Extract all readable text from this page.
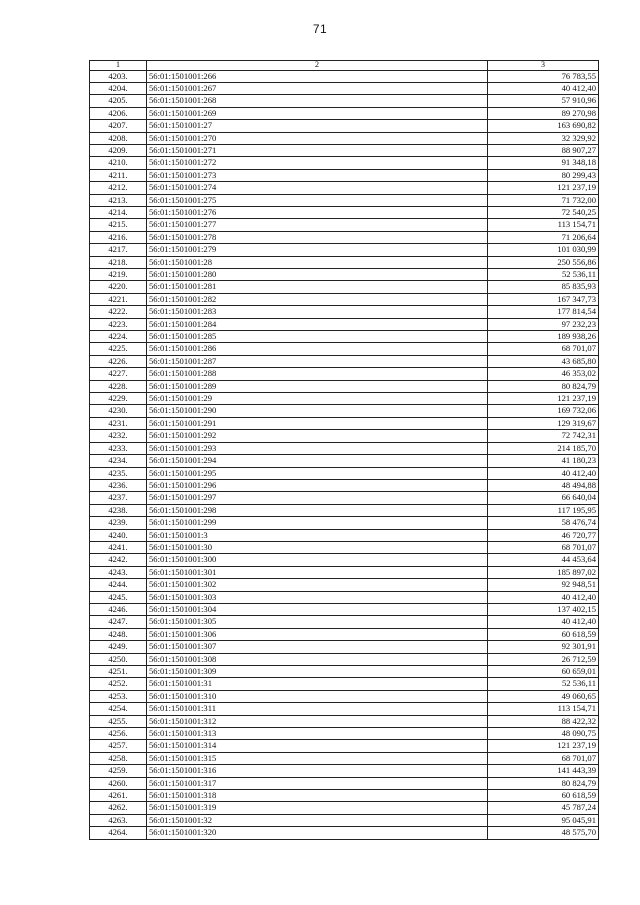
71
1	2	3
4203.	56:01:1501001:266	76 783,55
4204.	56:01:1501001:267	40 412,40
4205.	56:01:1501001:268	57 910,96
4206.	56:01:1501001:269	89 270,98
4207.	56:01:1501001:27	163 690,82
4208.	56:01:1501001:270	32 329,92
4209.	56:01:1501001:271	88 907,27
4210.	56:01:1501001:272	91 348,18
4211.	56:01:1501001:273	80 299,43
4212.	56:01:1501001:274	121 237,19
4213.	56:01:1501001:275	71 732,00
4214.	56:01:1501001:276	72 540,25
4215.	56:01:1501001:277	113 154,71
4216.	56:01:1501001:278	71 206,64
4217.	56:01:1501001:279	101 030,99
4218.	56:01:1501001:28	250 556,86
4219.	56:01:1501001:280	52 536,11
4220.	56:01:1501001:281	85 835,93
4221.	56:01:1501001:282	167 347,73
4222.	56:01:1501001:283	177 814,54
4223.	56:01:1501001:284	97 232,23
4224.	56:01:1501001:285	189 938,26
4225.	56:01:1501001:286	68 701,07
4226.	56:01:1501001:287	43 685,80
4227.	56:01:1501001:288	46 353,02
4228.	56:01:1501001:289	80 824,79
4229.	56:01:1501001:29	121 237,19
4230.	56:01:1501001:290	169 732,06
4231.	56:01:1501001:291	129 319,67
4232.	56:01:1501001:292	72 742,31
4233.	56:01:1501001:293	214 185,70
4234.	56:01:1501001:294	41 180,23
4235.	56:01:1501001:295	40 412,40
4236.	56:01:1501001:296	48 494,88
4237.	56:01:1501001:297	66 640,04
4238.	56:01:1501001:298	117 195,95
4239.	56:01:1501001:299	58 476,74
4240.	56:01:1501001:3	46 720,77
4241.	56:01:1501001:30	68 701,07
4242.	56:01:1501001:300	44 453,64
4243.	56:01:1501001:301	185 897,02
4244.	56:01:1501001:302	92 948,51
4245.	56:01:1501001:303	40 412,40
4246.	56:01:1501001:304	137 402,15
4247.	56:01:1501001:305	40 412,40
4248.	56:01:1501001:306	60 618,59
4249.	56:01:1501001:307	92 301,91
4250.	56:01:1501001:308	26 712,59
4251.	56:01:1501001:309	60 659,01
4252.	56:01:1501001:31	52 536,11
4253.	56:01:1501001:310	49 060,65
4254.	56:01:1501001:311	113 154,71
4255.	56:01:1501001:312	88 422,32
4256.	56:01:1501001:313	48 090,75
4257.	56:01:1501001:314	121 237,19
4258.	56:01:1501001:315	68 701,07
4259.	56:01:1501001:316	141 443,39
4260.	56:01:1501001:317	80 824,79
4261.	56:01:1501001:318	60 618,59
4262.	56:01:1501001:319	45 787,24
4263.	56:01:1501001:32	95 045,91
4264.	56:01:1501001:320	48 575,70
